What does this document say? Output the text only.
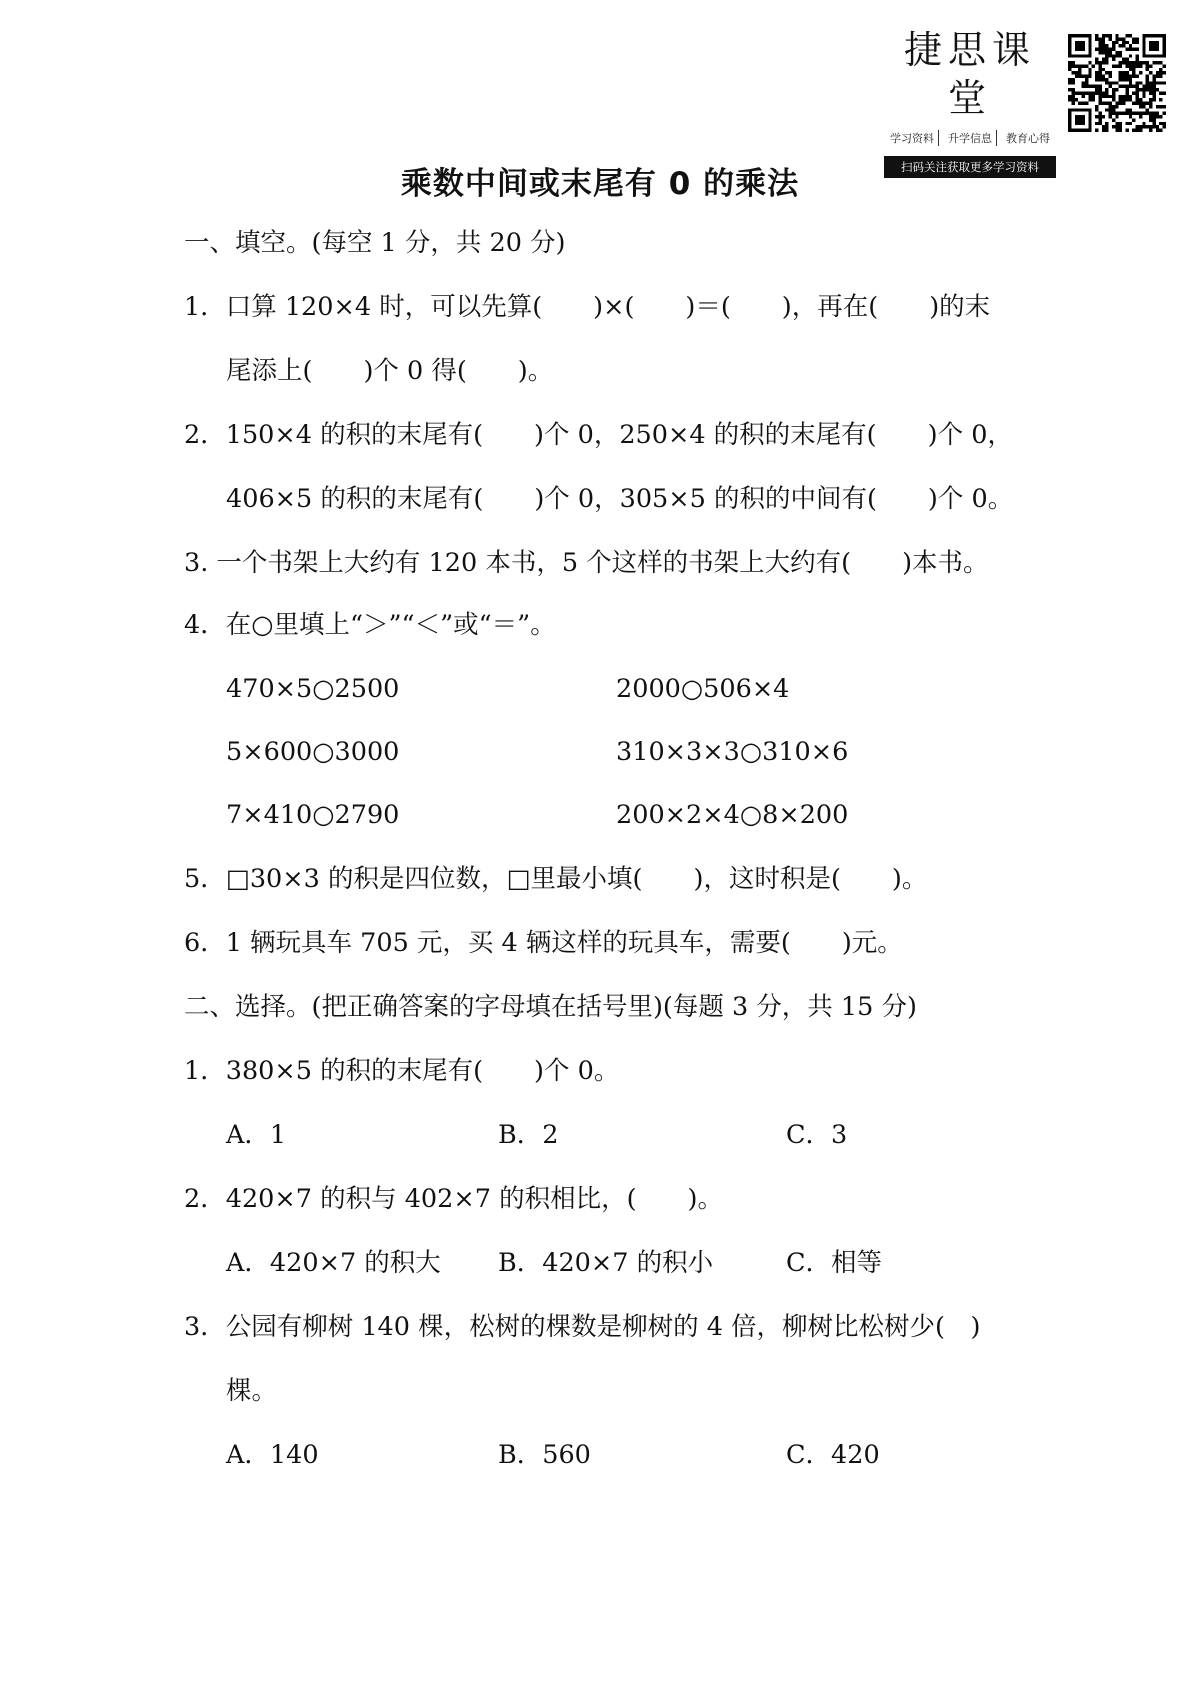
捷思课堂
学习资料	升学信息	教育心得
扫码关注获取更多学习资料
乘数中间或末尾有 0 的乘法
一、填空。(每空 1 分，共 20 分)
1．口算 120×4 时，可以先算(　　)×(　　)＝(　　)，再在(　　)的末
尾添上(　　)个 0 得(　　)。
2．150×4 的积的末尾有(　　)个 0，250×4 的积的末尾有(　　)个 0，
406×5 的积的末尾有(　　)个 0，305×5 的积的中间有(　　)个 0。
3. 一个书架上大约有 120 本书，5 个这样的书架上大约有(　　)本书。
4．在○里填上“＞”“＜”或“＝”。
470×5○2500	2000○506×4
5×600○3000	310×3×3○310×6
7×410○2790	200×2×4○8×200
5．□30×3 的积是四位数，□里最小填(　　)，这时积是(　　)。
6．1 辆玩具车 705 元，买 4 辆这样的玩具车，需要(　　)元。
二、选择。(把正确答案的字母填在括号里)(每题 3 分，共 15 分)
1．380×5 的积的末尾有(　　)个 0。
A．1	B．2	C．3
2．420×7 的积与 402×7 的积相比，(　　)。
A．420×7 的积大 B．420×7 的积小	C．相等
3．公园有柳树 140 棵，松树的棵数是柳树的 4 倍，柳树比松树少(　)
棵。
A．140	B．560	C．420
